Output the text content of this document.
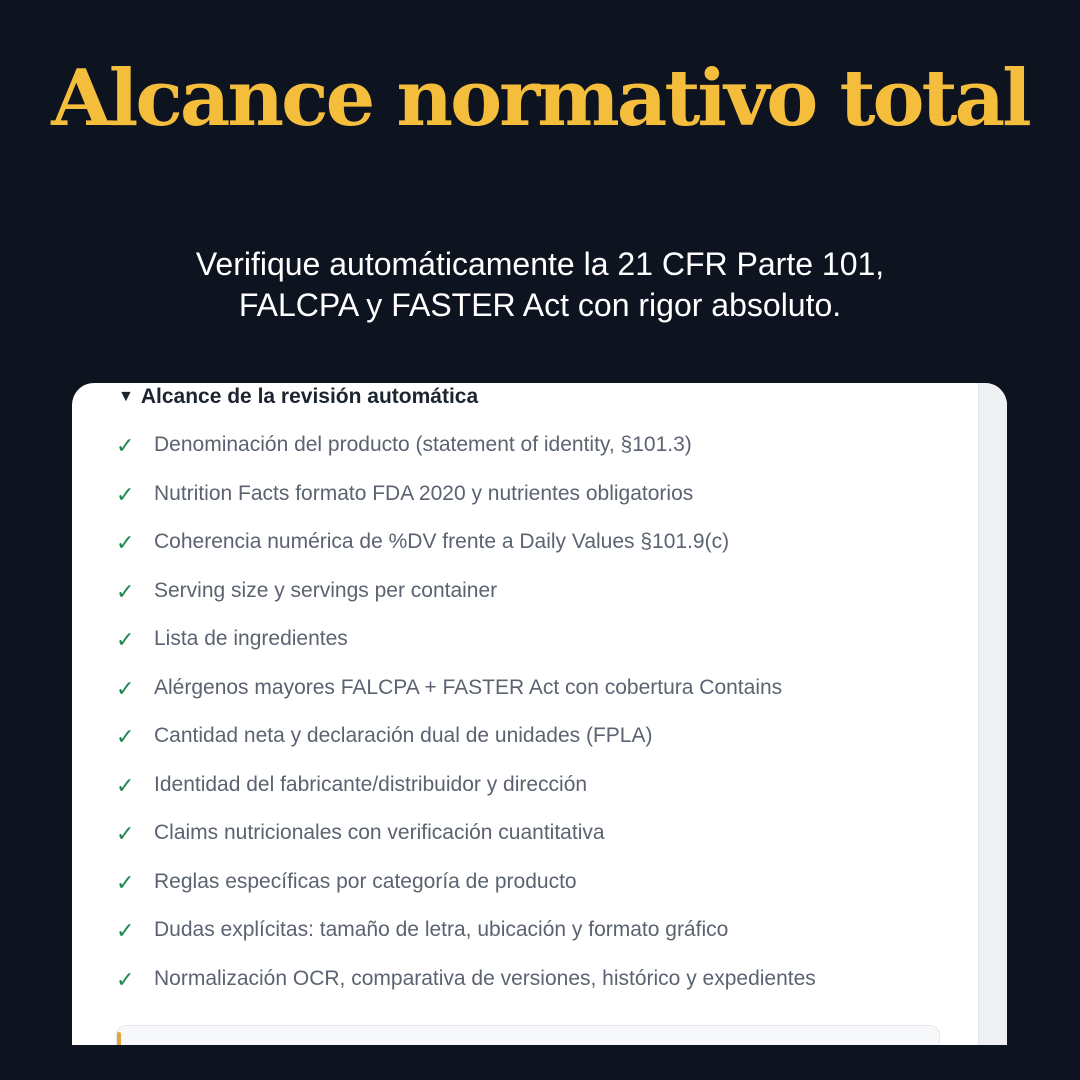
Alcance normativo total

Verifique automáticamente la 21 CFR Parte 101, FALCPA y FASTER Act con rigor absoluto.

▼ Alcance de la revisión automática
✓ Denominación del producto (statement of identity, §101.3)
✓ Nutrition Facts formato FDA 2020 y nutrientes obligatorios
✓ Coherencia numérica de %DV frente a Daily Values §101.9(c)
✓ Serving size y servings per container
✓ Lista de ingredientes
✓ Alérgenos mayores FALCPA + FASTER Act con cobertura Contains
✓ Cantidad neta y declaración dual de unidades (FPLA)
✓ Identidad del fabricante/distribuidor y dirección
✓ Claims nutricionales con verificación cuantitativa
✓ Reglas específicas por categoría de producto
✓ Dudas explícitas: tamaño de letra, ubicación y formato gráfico
✓ Normalización OCR, comparativa de versiones, histórico y expedientes
